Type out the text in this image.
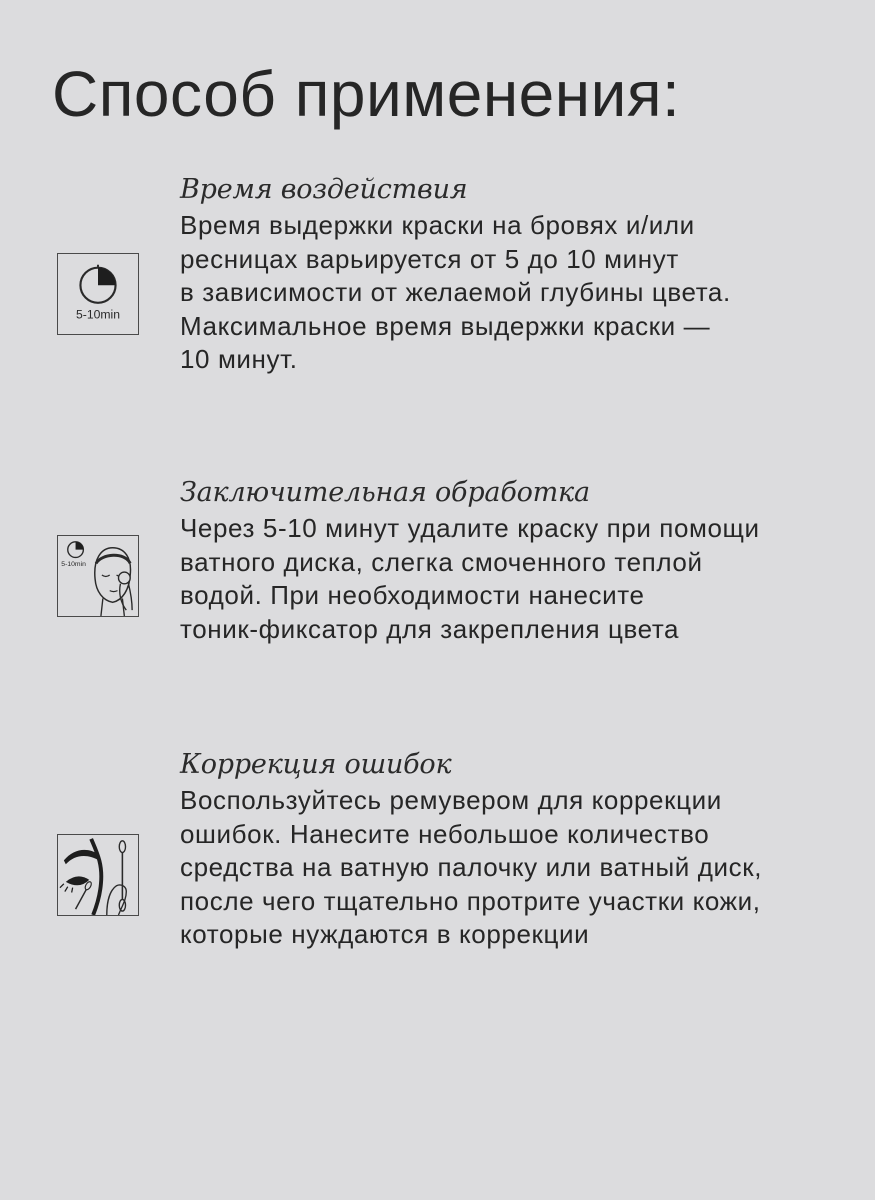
Способ применения:
Время воздействия

Время выдержки краски на бровях и/или
ресницах варьируется от 5 до 10 минут
в зависимости от желаемой глубины цвета.
Максимальное время выдержки краски —
10 минут.

5-10min
Заключительная обработка

Через 5-10 минут удалите краску при помощи
ватного диска, слегка смоченного теплой
водой. При необходимости нанесите
тоник-фиксатор для закрепления цвета

5-10min
Коррекция ошибок

Воспользуйтесь ремувером для коррекции
ошибок. Нанесите небольшое количество
средства на ватную палочку или ватный диск,
после чего тщательно протрите участки кожи,
которые нуждаются в коррекции
